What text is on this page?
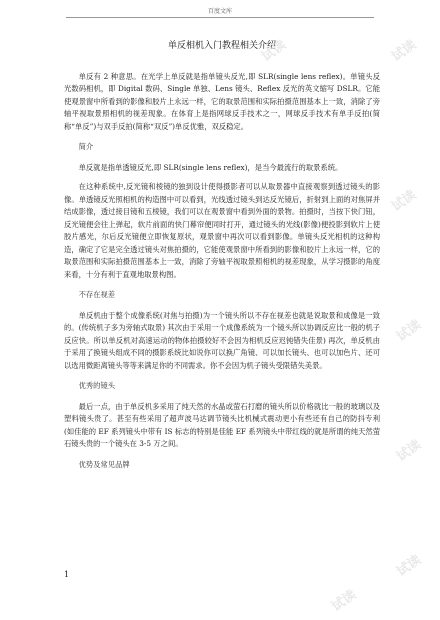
百度文库
单反相机入门教程相关介绍

单反有 2 种意思。在光学上单反就是指单镜头反光,即 SLR(single lens reflex)。单镜头反光数码相机，即 Digital 数码、Single 单独、Lens 镜头、Reflex 反光的英文缩写 DSLR。它能使观景窗中所看到的影像和胶片上永远一样，它的取景范围和实际拍摄范围基本上一致，消除了旁轴平视取景照相机的视差现象。在体育上是指网球反手技术之一，网球反手技术有单手反拍(简称“单反”)与双手反拍(简称“双反”)单反优雅，双反稳定。

简介

单反就是指单透镜反光,即 SLR(single lens reflex)，是当今最流行的取景系统。

在这种系统中,反光镜和棱镜的独到设计使得摄影者可以从取景器中直接观察到透过镜头的影像。单透镜反光照相机的构造图中可以看到，光线透过镜头到达反光镜后，折射到上面的对焦屏并结成影像，透过接目镜和五棱镜，我们可以在观景窗中看到外面的景物。拍摄时，当按下快门钮，反光镜便会往上弹起，软片前面的快门幕帘便同时打开，通过镜头的光线(影像)便投影到软片上使胶片感光，尔后反光镜便立即恢复原状，观景窗中再次可以看到影像。单镜头反光相机的这种构造，确定了它是完全透过镜头对焦拍摄的，它能使观景窗中所看到的影像和胶片上永远一样，它的取景范围和实际拍摄范围基本上一致，消除了旁轴平视取景照相机的视差现象，从学习摄影的角度来看，十分有利于直观地取景构图。

不存在视差

单反机由于整个成像系统(对焦与拍摄)为一个镜头所以不存在视差也就是说取景和成像是一致的。(传统机子多为旁轴式取景) 其次由于采用一个成像系统为一个镜头所以协调反应比一般的机子反应快。所以单反机对高速运动的物体拍摄较好不会因为相机反应迟钝错失佳景) 再次，单反机由于采用了换镜头组成不同的摄影系统比如说你可以换广角镜、可以加长镜头、也可以加色片、还可以选用微距离镜头等等来满足你的不同需求。你不会因为机子镜头受限错失美景。

优秀的镜头

最后一点，由于单反机多采用了纯天然的水晶或萤石打磨的镜头所以价格就比一般的玻璃以及塑料镜头贵了。甚至有些采用了超声波马达调节镜头比机械式震动更小有些还有自己的防抖专利(如佳能的 EF 系列镜头中带有 IS 标志的特别是佳能 EF 系列镜头中带红线的就是所谓的纯天然萤石镜头贵的一个镜头在 3-5 万之间。

优势及常见品牌
1
试读	试读
试读
试读
试读
试读
试读
